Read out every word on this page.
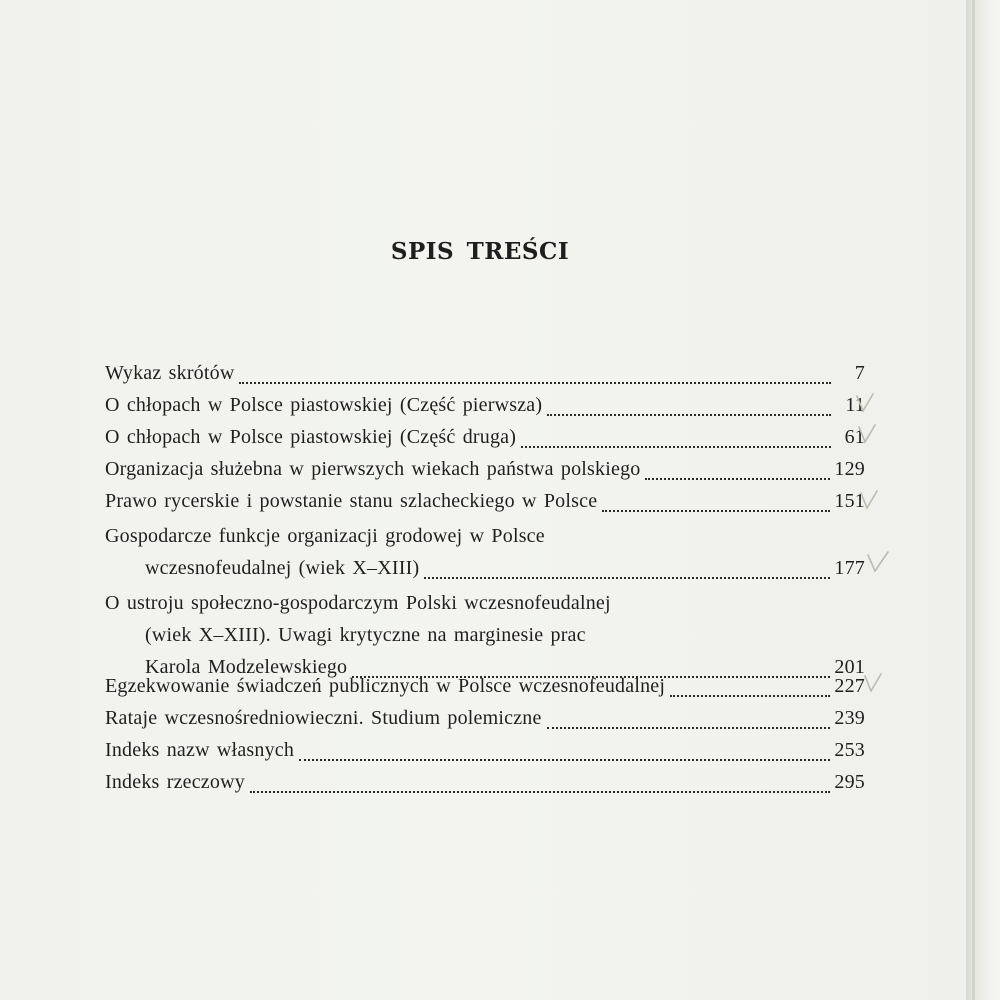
SPIS TREŚCI
Wykaz skrótów	7
O chłopach w Polsce piastowskiej (Część pierwsza)	11
O chłopach w Polsce piastowskiej (Część druga)	61
Organizacja służebna w pierwszych wiekach państwa polskiego	129
Prawo rycerskie i powstanie stanu szlacheckiego w Polsce	151
Gospodarcze funkcje organizacji grodowej w Polsce
wczesnofeudalnej (wiek X–XIII)	177
O ustroju społeczno-gospodarczym Polski wczesnofeudalnej
(wiek X–XIII). Uwagi krytyczne na marginesie prac
Karola Modzelewskiego	201
Egzekwowanie świadczeń publicznych w Polsce wczesnofeudalnej	227
Rataje wczesnośredniowieczni. Studium polemiczne	239
Indeks nazw własnych	253
Indeks rzeczowy	295
